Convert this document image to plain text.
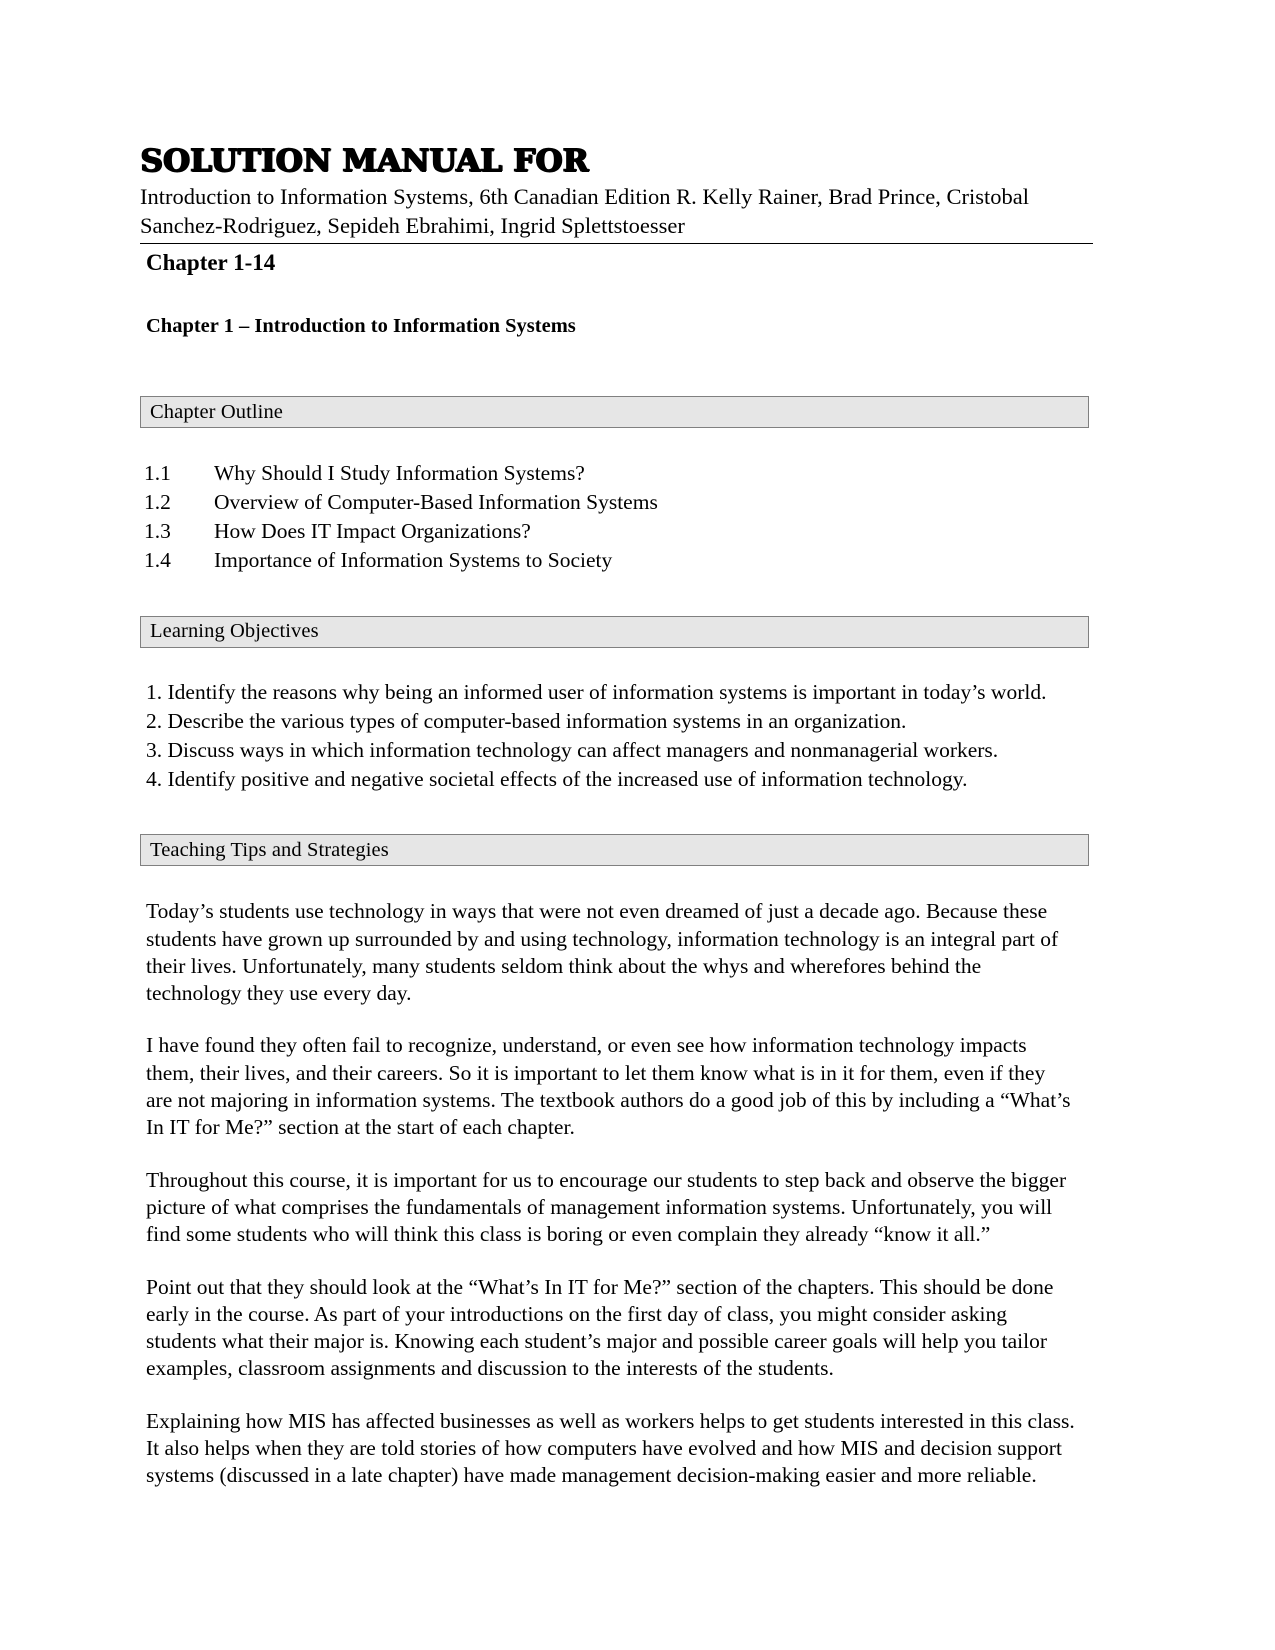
SOLUTION MANUAL FOR
Introduction to Information Systems, 6th Canadian Edition R. Kelly Rainer, Brad Prince, Cristobal
Sanchez-Rodriguez, Sepideh Ebrahimi, Ingrid Splettstoesser
Chapter 1-14
Chapter 1 – Introduction to Information Systems
Chapter Outline
1.1	Why Should I Study Information Systems?
1.2	Overview of Computer-Based Information Systems
1.3	How Does IT Impact Organizations?
1.4	Importance of Information Systems to Society
Learning Objectives
1. Identify the reasons why being an informed user of information systems is important in today’s world.
2. Describe the various types of computer-based information systems in an organization.
3. Discuss ways in which information technology can affect managers and nonmanagerial workers.
4. Identify positive and negative societal effects of the increased use of information technology.
Teaching Tips and Strategies

Today’s students use technology in ways that were not even dreamed of just a decade ago. Because these students have grown up surrounded by and using technology, information technology is an integral part of their lives. Unfortunately, many students seldom think about the whys and wherefores behind the technology they use every day.

I have found they often fail to recognize, understand, or even see how information technology impacts them, their lives, and their careers. So it is important to let them know what is in it for them, even if they are not majoring in information systems. The textbook authors do a good job of this by including a “What’s In IT for Me?” section at the start of each chapter.

Throughout this course, it is important for us to encourage our students to step back and observe the bigger picture of what comprises the fundamentals of management information systems. Unfortunately, you will find some students who will think this class is boring or even complain they already “know it all.”

Point out that they should look at the “What’s In IT for Me?” section of the chapters. This should be done early in the course. As part of your introductions on the first day of class, you might consider asking students what their major is. Knowing each student’s major and possible career goals will help you tailor examples, classroom assignments and discussion to the interests of the students.

Explaining how MIS has affected businesses as well as workers helps to get students interested in this class. It also helps when they are told stories of how computers have evolved and how MIS and decision support systems (discussed in a late chapter) have made management decision-making easier and more reliable.
